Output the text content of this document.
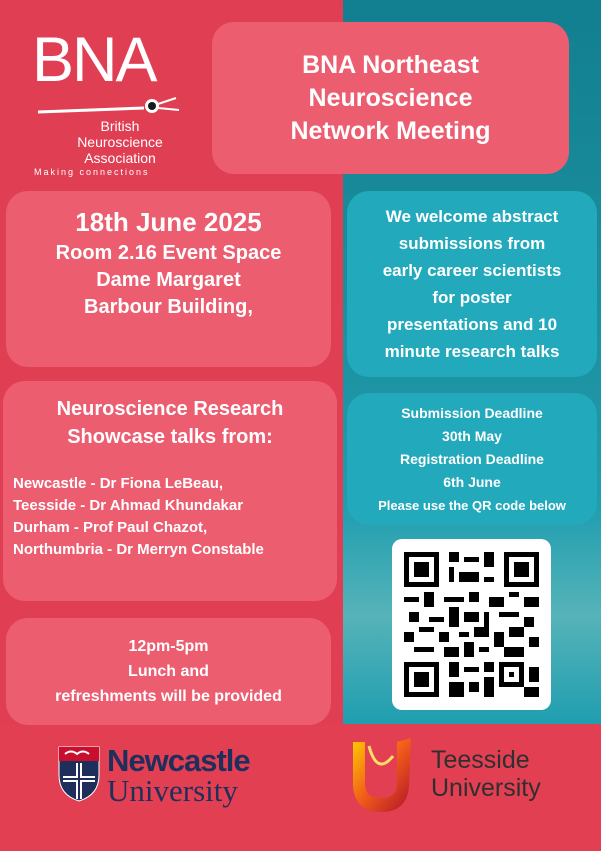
BNA
British
Neuroscience
Association
Making connections
BNA Northeast
Neuroscience
Network Meeting
18th June 2025
Room 2.16 Event Space
Dame Margaret
Barbour Building,
Neuroscience Research
Showcase talks from:
Newcastle - Dr Fiona LeBeau,
Teesside - Dr Ahmad Khundakar
Durham - Prof Paul Chazot,
Northumbria - Dr Merryn Constable
12pm-5pm
Lunch and
refreshments will be provided
We welcome abstract
submissions from
early career scientists
for poster
presentations and 10
minute research talks
Submission Deadline
30th May
Registration Deadline
6th June
Please use the QR code below
Newcastle
University
Teesside
University
